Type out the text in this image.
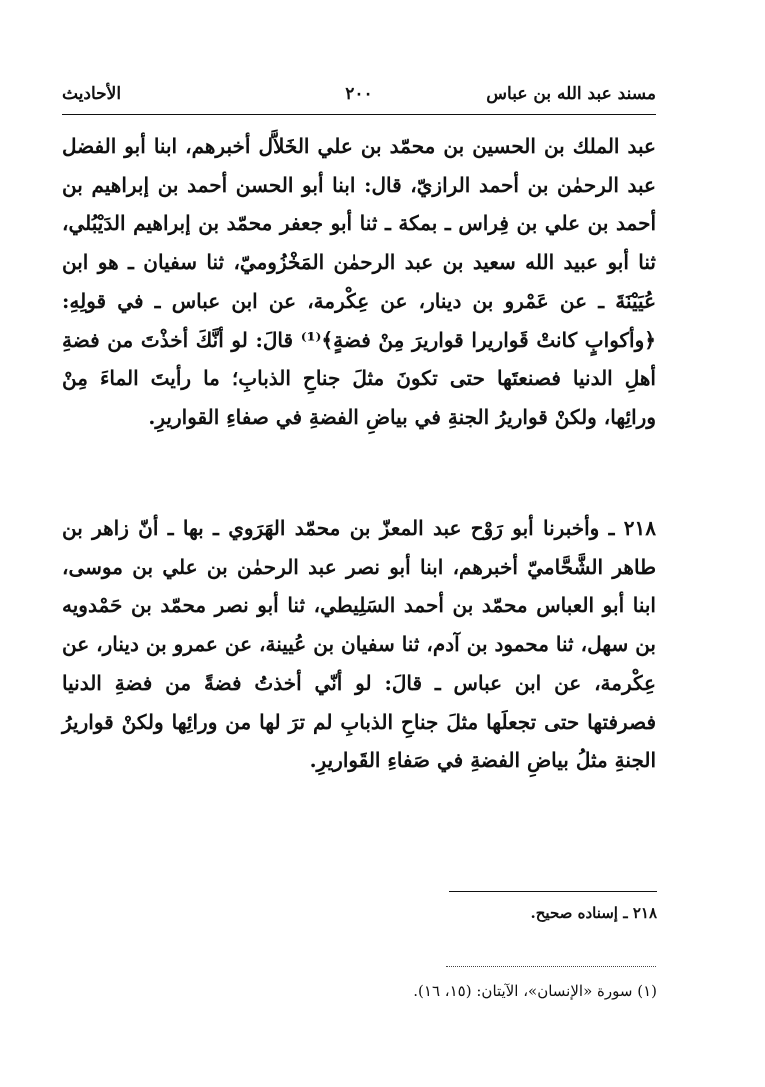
مسند عبد الله بن عباس
٢٠٠
الأحاديث

عبد الملك بن الحسين بن محمّد بن علي الخَلاَّل أخبرهم، ابنا أبو الفضل عبد الرحمٰن بن أحمد الرازيّ، قال: ابنا أبو الحسن أحمد بن إبراهيم بن أحمد بن علي بن فِراس ـ بمكة ـ ثنا أبو جعفر محمّد بن إبراهيم الدَيْبُلي، ثنا أبو عبيد الله سعيد بن عبد الرحمٰن المَخْزُوميّ، ثنا سفيان ـ هو ابن عُيَيْنَةَ ـ عن عَمْرو بن دينار، عن عِكْرمة، عن ابن عباس ـ في قولِهِ: ﴿وأكوابٍ كانتْ قَواريرا قواريرَ مِنْ فضةٍ﴾⁽¹⁾ قالَ: لو أنَّكَ أخذْتَ من فضةِ أهلِ الدنيا فصنعتَها حتى تكونَ مثلَ جناحِ الذبابِ؛ ما رأيتَ الماءَ مِنْ ورائِها، ولكنْ قواريرُ الجنةِ في بياضِ الفضةِ في صفاءِ القواريرِ.

٢١٨ ـ وأخبرنا أبو رَوْح عبد المعزّ بن محمّد الهَرَوي ـ بها ـ أنّ زاهر بن طاهر الشَّحَّاميّ أخبرهم، ابنا أبو نصر عبد الرحمٰن بن علي بن موسى، ابنا أبو العباس محمّد بن أحمد السَلِيطي، ثنا أبو نصر محمّد بن حَمْدويه بن سهل، ثنا محمود بن آدم، ثنا سفيان بن عُيينة، عن عمرو بن دينار، عن عِكْرمة، عن ابن عباس ـ قالَ: لو أنّي أخذتُ فضةً من فضةِ الدنيا فصرفتها حتى تجعلَها مثلَ جناحِ الذبابِ لم ترَ لها من ورائِها ولكنْ قواريرُ الجنةِ مثلُ بياضِ الفضةِ في صَفاءِ القَواريرِ.

٢١٨ ـ إسناده صحيح.
(١) سورة «الإنسان»، الآيتان: (١٥، ١٦).
